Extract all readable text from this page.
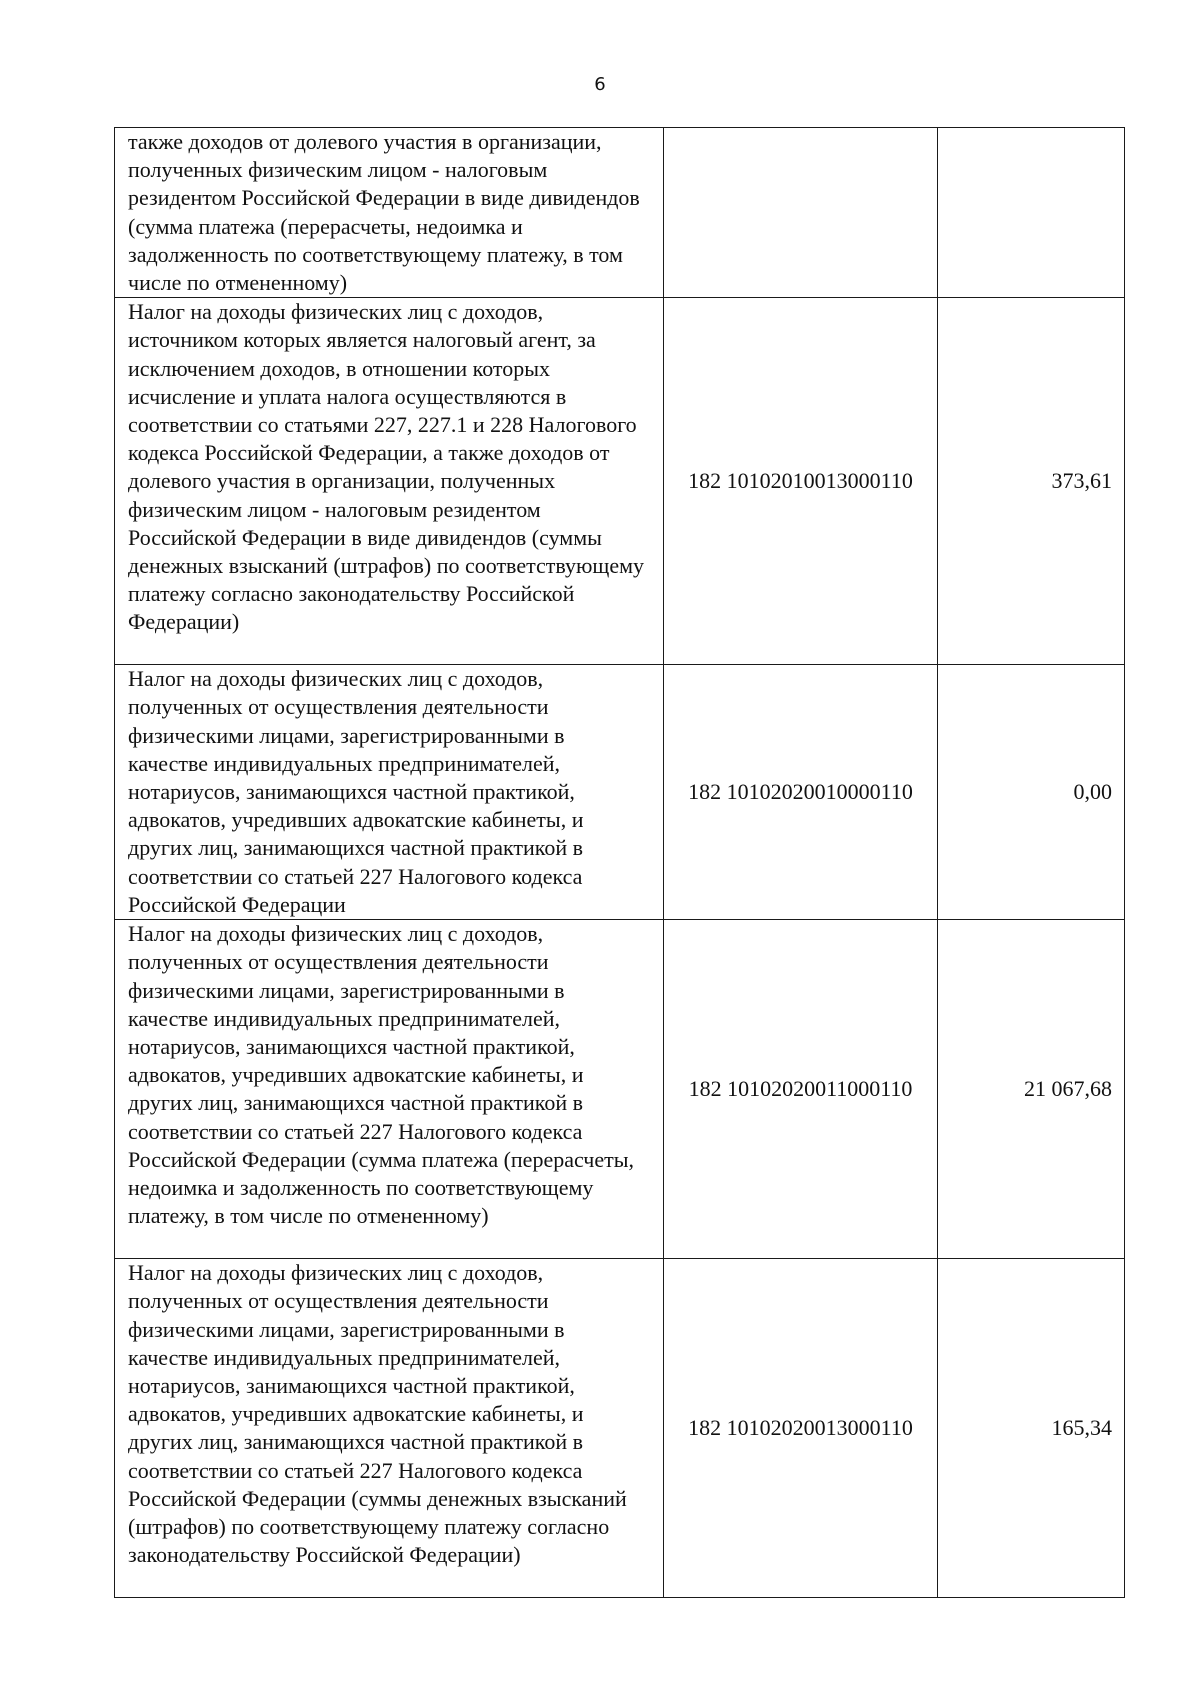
6
также доходов от долевого участия в организации, полученных физическим лицом - налоговым резидентом Российской Федерации в виде дивидендов (сумма платежа (перерасчеты, недоимка и задолженность по соответствующему платежу, в том числе по отмененному)		
Налог на доходы физических лиц с доходов, источником которых является налоговый агент, за исключением доходов, в отношении которых исчисление и уплата налога осуществляются в соответствии со статьями 227, 227.1 и 228 Налогового кодекса Российской Федерации, а также доходов от долевого участия в организации, полученных физическим лицом - налоговым резидентом Российской Федерации в виде дивидендов (суммы денежных взысканий (штрафов) по соответствующему платежу согласно законодательству Российской Федерации)	182 10102010013000110	373,61
Налог на доходы физических лиц с доходов, полученных от осуществления деятельности физическими лицами, зарегистрированными в качестве индивидуальных предпринимателей, нотариусов, занимающихся частной практикой, адвокатов, учредивших адвокатские кабинеты, и других лиц, занимающихся частной практикой в соответствии со статьей 227 Налогового кодекса Российской Федерации	182 10102020010000110	0,00
Налог на доходы физических лиц с доходов, полученных от осуществления деятельности физическими лицами, зарегистрированными в качестве индивидуальных предпринимателей, нотариусов, занимающихся частной практикой, адвокатов, учредивших адвокатские кабинеты, и других лиц, занимающихся частной практикой в соответствии со статьей 227 Налогового кодекса Российской Федерации (сумма платежа (перерасчеты, недоимка и задолженность по соответствующему платежу, в том числе по отмененному)	182 10102020011000110	21 067,68
Налог на доходы физических лиц с доходов, полученных от осуществления деятельности физическими лицами, зарегистрированными в качестве индивидуальных предпринимателей, нотариусов, занимающихся частной практикой, адвокатов, учредивших адвокатские кабинеты, и других лиц, занимающихся частной практикой в соответствии со статьей 227 Налогового кодекса Российской Федерации (суммы денежных взысканий (штрафов) по соответствующему платежу согласно законодательству Российской Федерации)	182 10102020013000110	165,34
